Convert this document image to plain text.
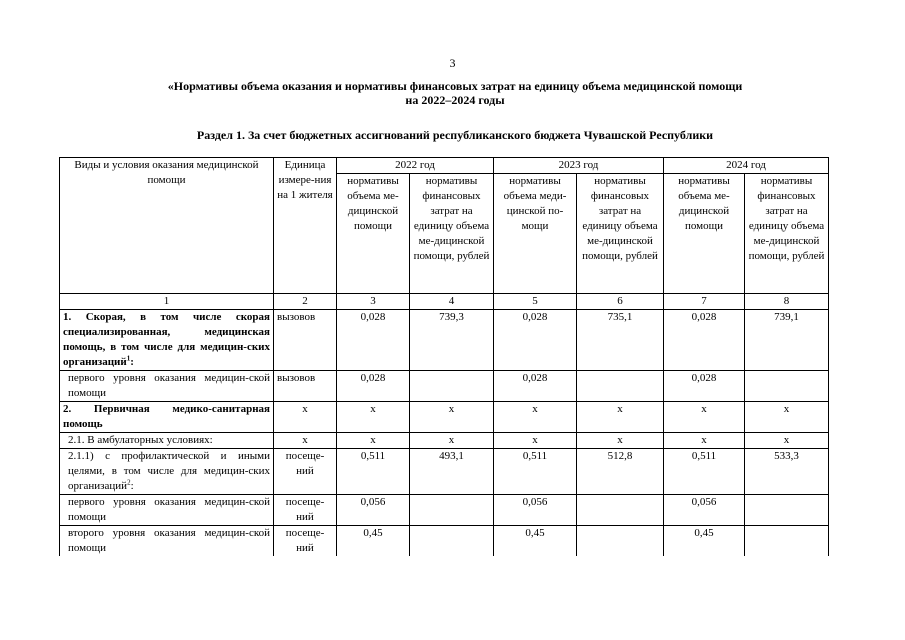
3
«Нормативы объема оказания и нормативы финансовых затрат на единицу объема медицинской помощи
на 2022–2024 годы
Раздел 1. За счет бюджетных ассигнований республиканского бюджета Чувашской Республики
Виды и условия оказания медицинской помощи	Единица измере-ния на 1 жителя	2022 год		2023 год		2024 год	
		нормативы объема ме-дицинской помощи	нормативы финансовых затрат на единицу объема ме-дицинской помощи, рублей	нормативы объема меди-цинской по-мощи	нормативы финансовых затрат на единицу объема ме-дицинской помощи, рублей	нормативы объема ме-дицинской помощи	нормативы финансовых затрат на единицу объема ме-дицинской помощи, рублей
1	2	3	4	5	6	7	8
1. Скорая, в том числе скорая специализированная, медицинская помощь, в том числе для медицин-ских организаций$^1$:	вызовов	0,028	739,3	0,028	735,1	0,028	739,1
первого уровня оказания медицин-ской помощи	вызовов	0,028		0,028		0,028	
2. Первичная медико-санитарная помощь	х	х	х	х	х	х	х
2.1. В амбулаторных условиях:	х	х	х	х	х	х	х
2.1.1) с профилактической и иными целями, в том числе для медицин-ских организаций$^2$:	посеще-ний	0,511	493,1	0,511	512,8	0,511	533,3
первого уровня оказания медицин-ской помощи	посеще-ний	0,056		0,056		0,056	
второго уровня оказания медицин-ской помощи	посеще-ний	0,45		0,45		0,45	
